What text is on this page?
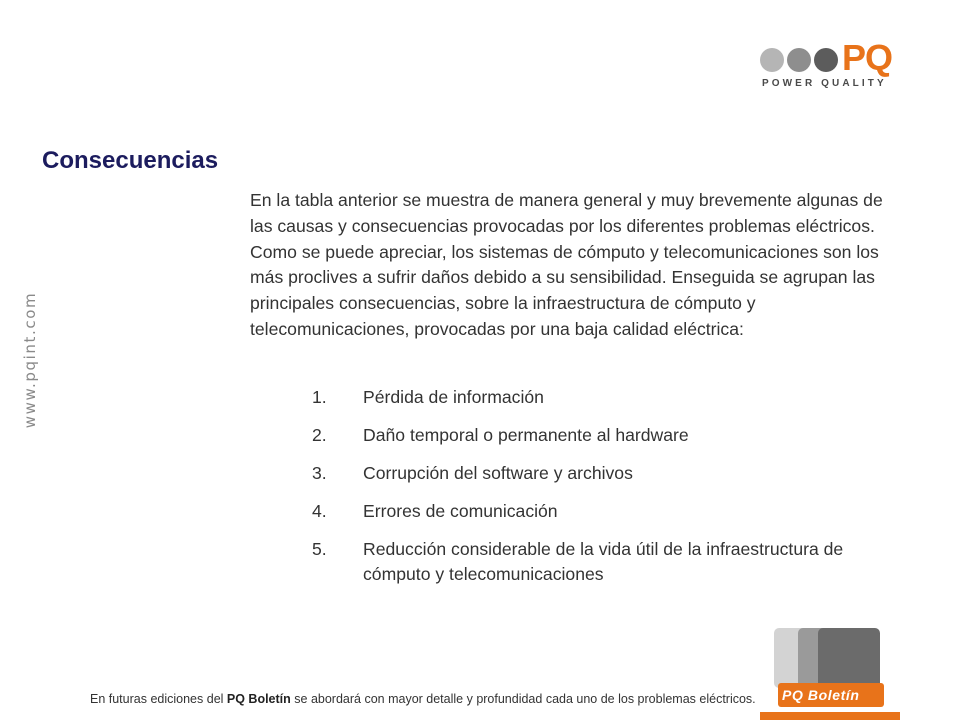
PQ
POWER QUALITY
www.pqint.com
Consecuencias

En la tabla anterior se muestra de manera general y muy brevemente algunas de las causas y consecuencias provocadas por los diferentes problemas eléctricos. Como se puede apreciar, los sistemas de cómputo y telecomunicaciones son los más proclives a sufrir daños debido a su sensibilidad. Enseguida se agrupan las principales consecuencias, sobre la infraestructura de cómputo y telecomunicaciones, provocadas por una baja calidad eléctrica:

1.	Pérdida de información
2.	Daño temporal o permanente al hardware
3.	Corrupción del software y archivos
4.	Errores de comunicación
5.	Reducción considerable de la vida útil de la infraestructura de cómputo y telecomunicaciones
PQ Boletín

En futuras ediciones del PQ Boletín se abordará con mayor detalle y profundidad cada uno de los problemas eléctricos.
